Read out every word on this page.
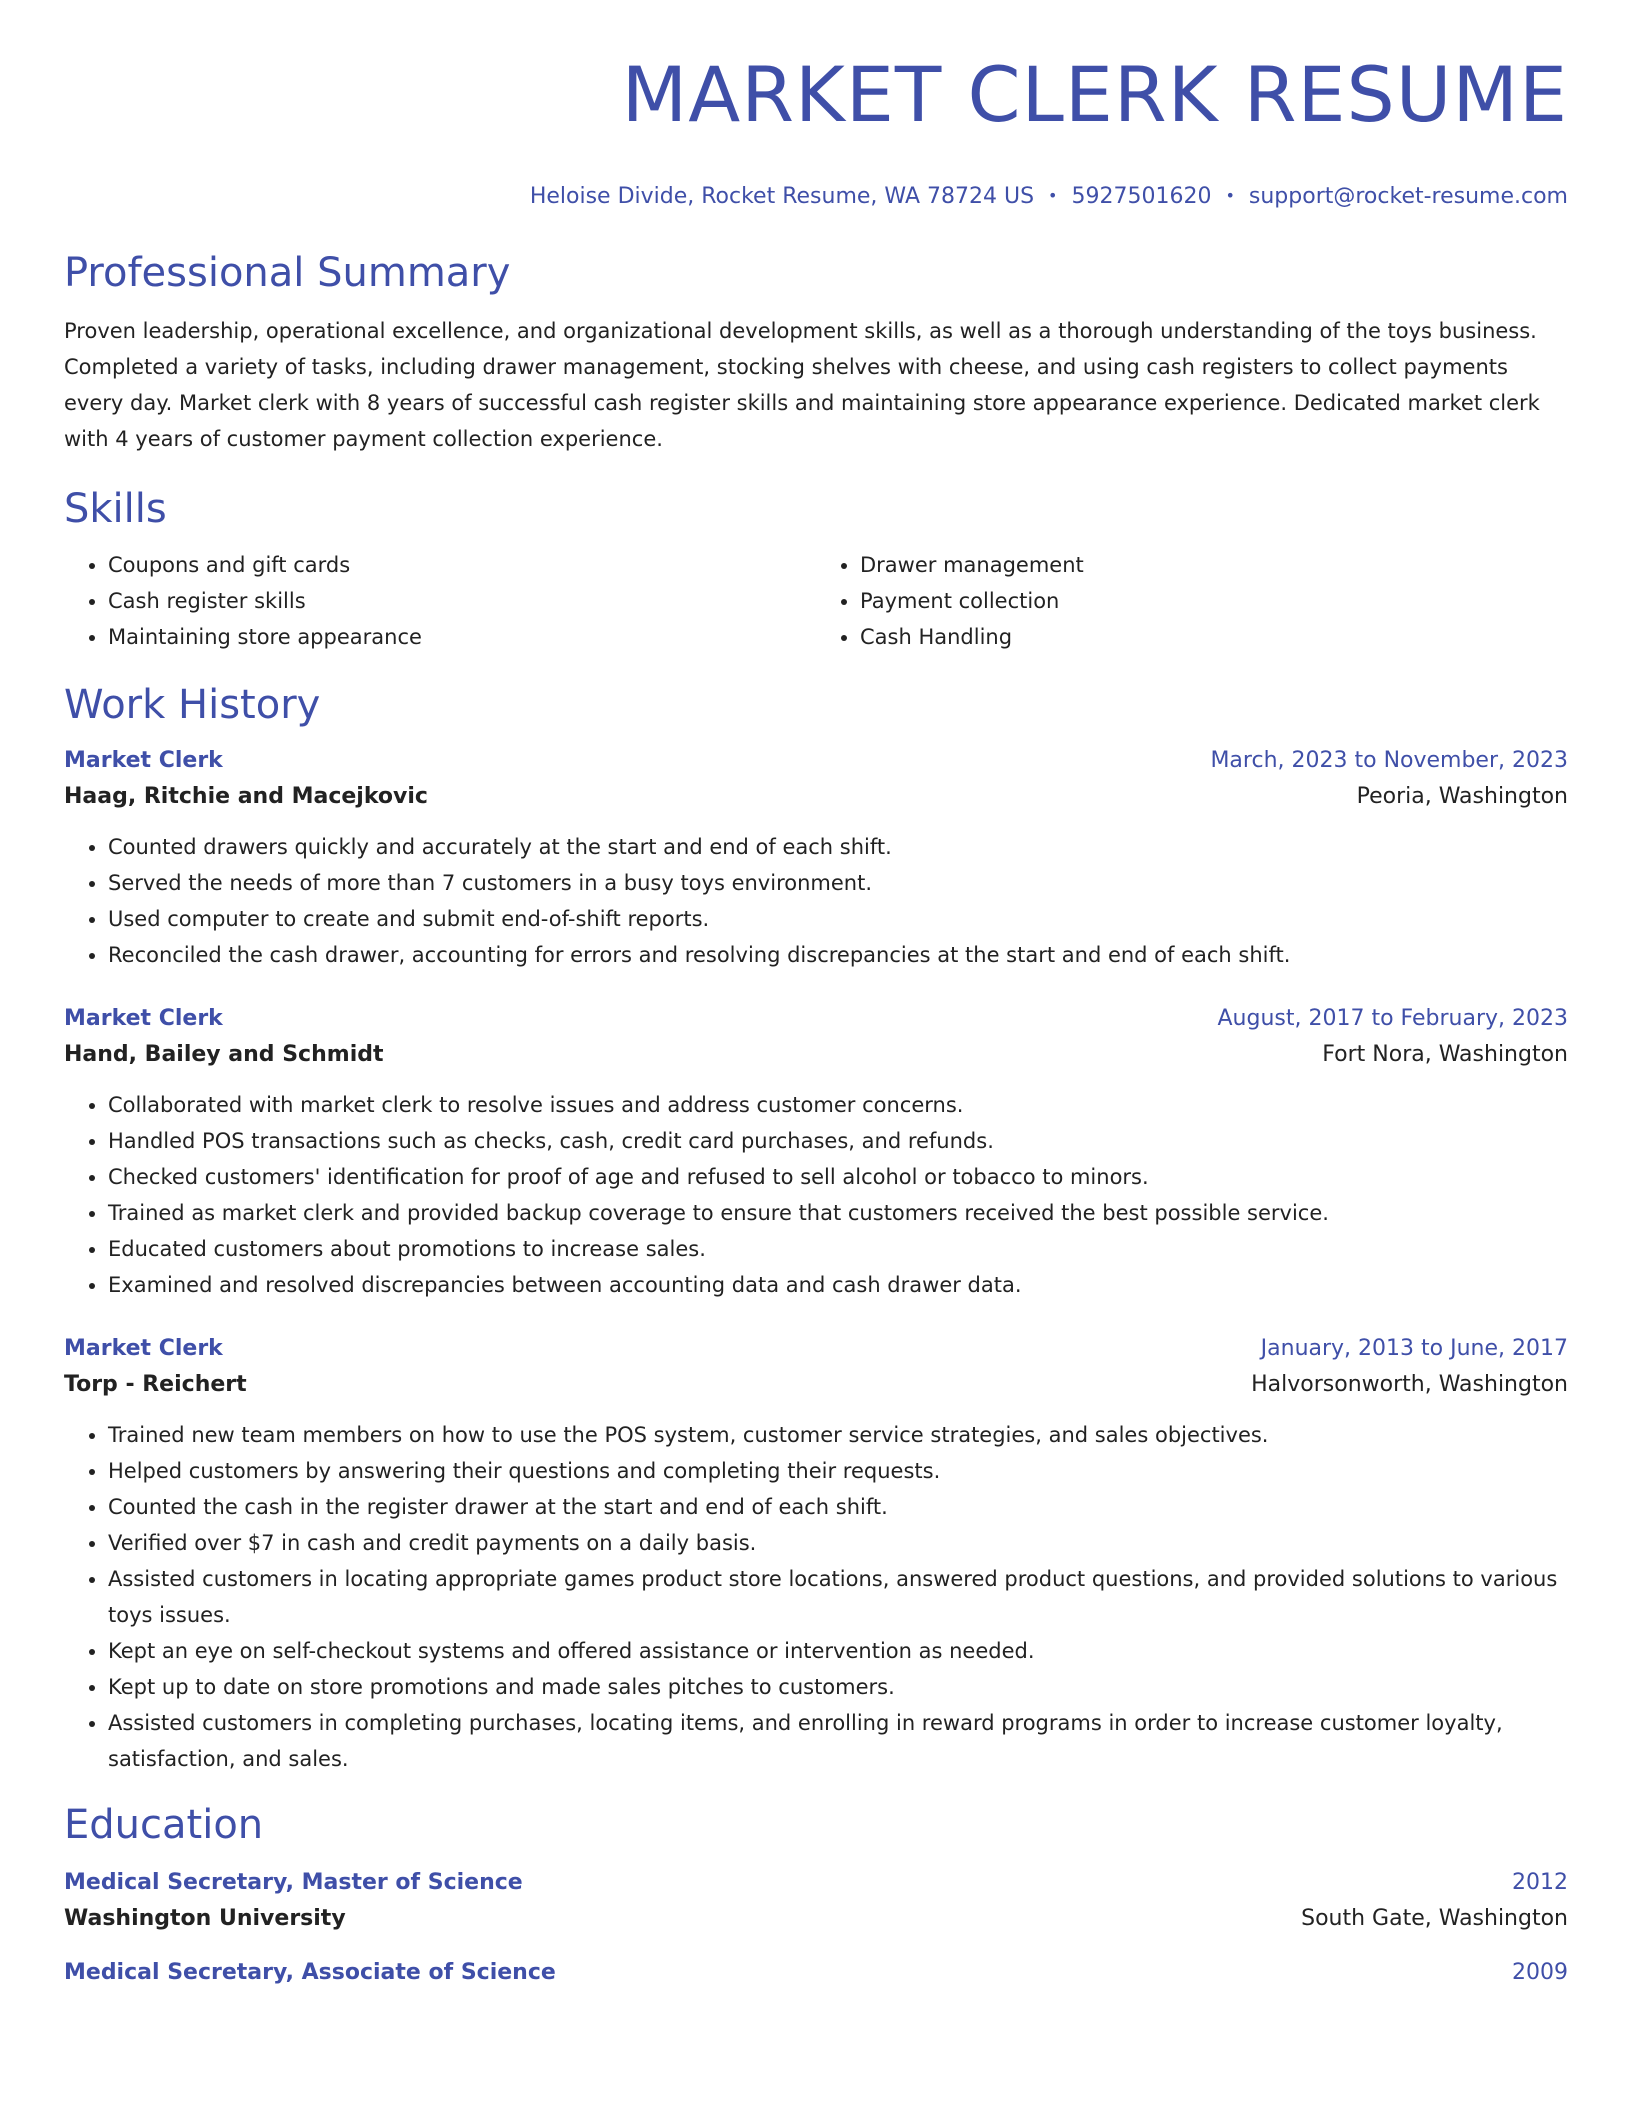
MARKET CLERK RESUME
Heloise Divide, Rocket Resume, WA 78724 US • 5927501620 • support@rocket-resume.com
Professional Summary
Proven leadership, operational excellence, and organizational development skills, as well as a thorough understanding of the toys business. Completed a variety of tasks, including drawer management, stocking shelves with cheese, and using cash registers to collect payments every day. Market clerk with 8 years of successful cash register skills and maintaining store appearance experience. Dedicated market clerk with 4 years of customer payment collection experience.
Skills
• Coupons and gift cards
• Cash register skills
• Maintaining store appearance
• Drawer management
• Payment collection
• Cash Handling
Work History
Market Clerk	March, 2023 to November, 2023
Haag, Ritchie and Macejkovic	Peoria, Washington
• Counted drawers quickly and accurately at the start and end of each shift.
• Served the needs of more than 7 customers in a busy toys environment.
• Used computer to create and submit end-of-shift reports.
• Reconciled the cash drawer, accounting for errors and resolving discrepancies at the start and end of each shift.
Market Clerk	August, 2017 to February, 2023
Hand, Bailey and Schmidt	Fort Nora, Washington
• Collaborated with market clerk to resolve issues and address customer concerns.
• Handled POS transactions such as checks, cash, credit card purchases, and refunds.
• Checked customers' identification for proof of age and refused to sell alcohol or tobacco to minors.
• Trained as market clerk and provided backup coverage to ensure that customers received the best possible service.
• Educated customers about promotions to increase sales.
• Examined and resolved discrepancies between accounting data and cash drawer data.
Market Clerk	January, 2013 to June, 2017
Torp - Reichert	Halvorsonworth, Washington
• Trained new team members on how to use the POS system, customer service strategies, and sales objectives.
• Helped customers by answering their questions and completing their requests.
• Counted the cash in the register drawer at the start and end of each shift.
• Verified over $7 in cash and credit payments on a daily basis.
• Assisted customers in locating appropriate games product store locations, answered product questions, and provided solutions to various toys issues.
• Kept an eye on self-checkout systems and offered assistance or intervention as needed.
• Kept up to date on store promotions and made sales pitches to customers.
• Assisted customers in completing purchases, locating items, and enrolling in reward programs in order to increase customer loyalty, satisfaction, and sales.
Education
Medical Secretary, Master of Science	2012
Washington University	South Gate, Washington
Medical Secretary, Associate of Science	2009
